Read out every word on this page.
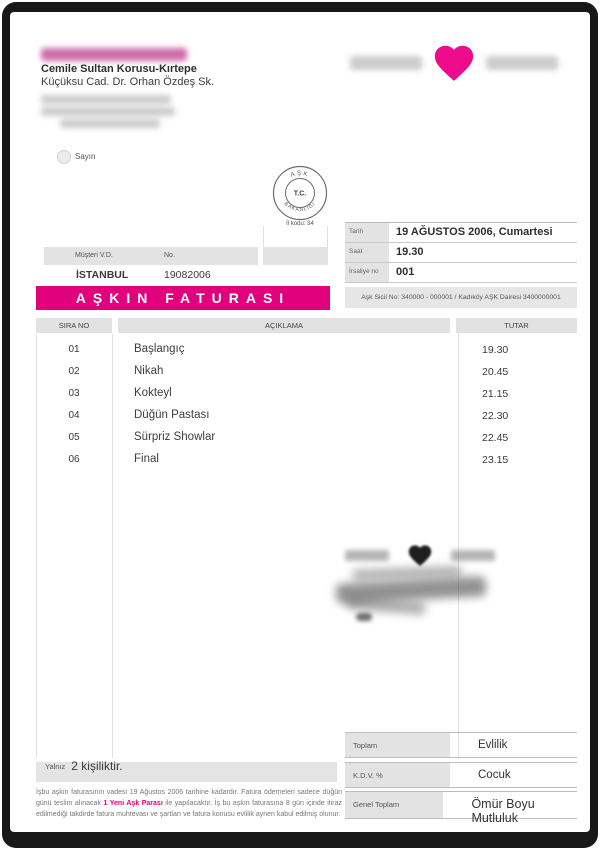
Cemile Sultan Korusu-Kırtepe
Küçüksu Cad. Dr. Orhan Özdeş Sk.
Sayın
T.C.
AŞK
BAKANLIĞI
İl kodu: 34
Müşteri V.D.	No.
İSTANBUL	19082006
Tarih	19 AĞUSTOS 2006, Cumartesi
Saat	19.30
İrsaliye no	001
AŞKIN FATURASI	Aşk Sicil No: 340000 - 000001 / Kadıköy AŞK Dairesi 3400000001
SIRA NO	AÇIKLAMA	TUTAR
01	Başlangıç	19.30
02	Nikah	20.45
03	Kokteyl	21.15
04	Düğün Pastası	22.30
05	Sürpriz Showlar	22.45
06	Final	23.15
Toplam	Evlilik
K.D.V. %	Cocuk
Genel Toplam	Ömür Boyu Mutluluk
Yalnız 2 kişiliktir.
İşbu aşkın faturasının vadesi 19 Ağustos 2006 tarihine kadardır. Fatura ödemeleri sadece düğün günü teslim alınacak 1 Yeni Aşk Parası ile yapılacaktır. İş bu aşkın faturasına 8 gün içinde itiraz edilmediği takdirde fatura muhtevası ve şartları ve fatura konusu evlilik aynen kabul edilmiş olunur.
